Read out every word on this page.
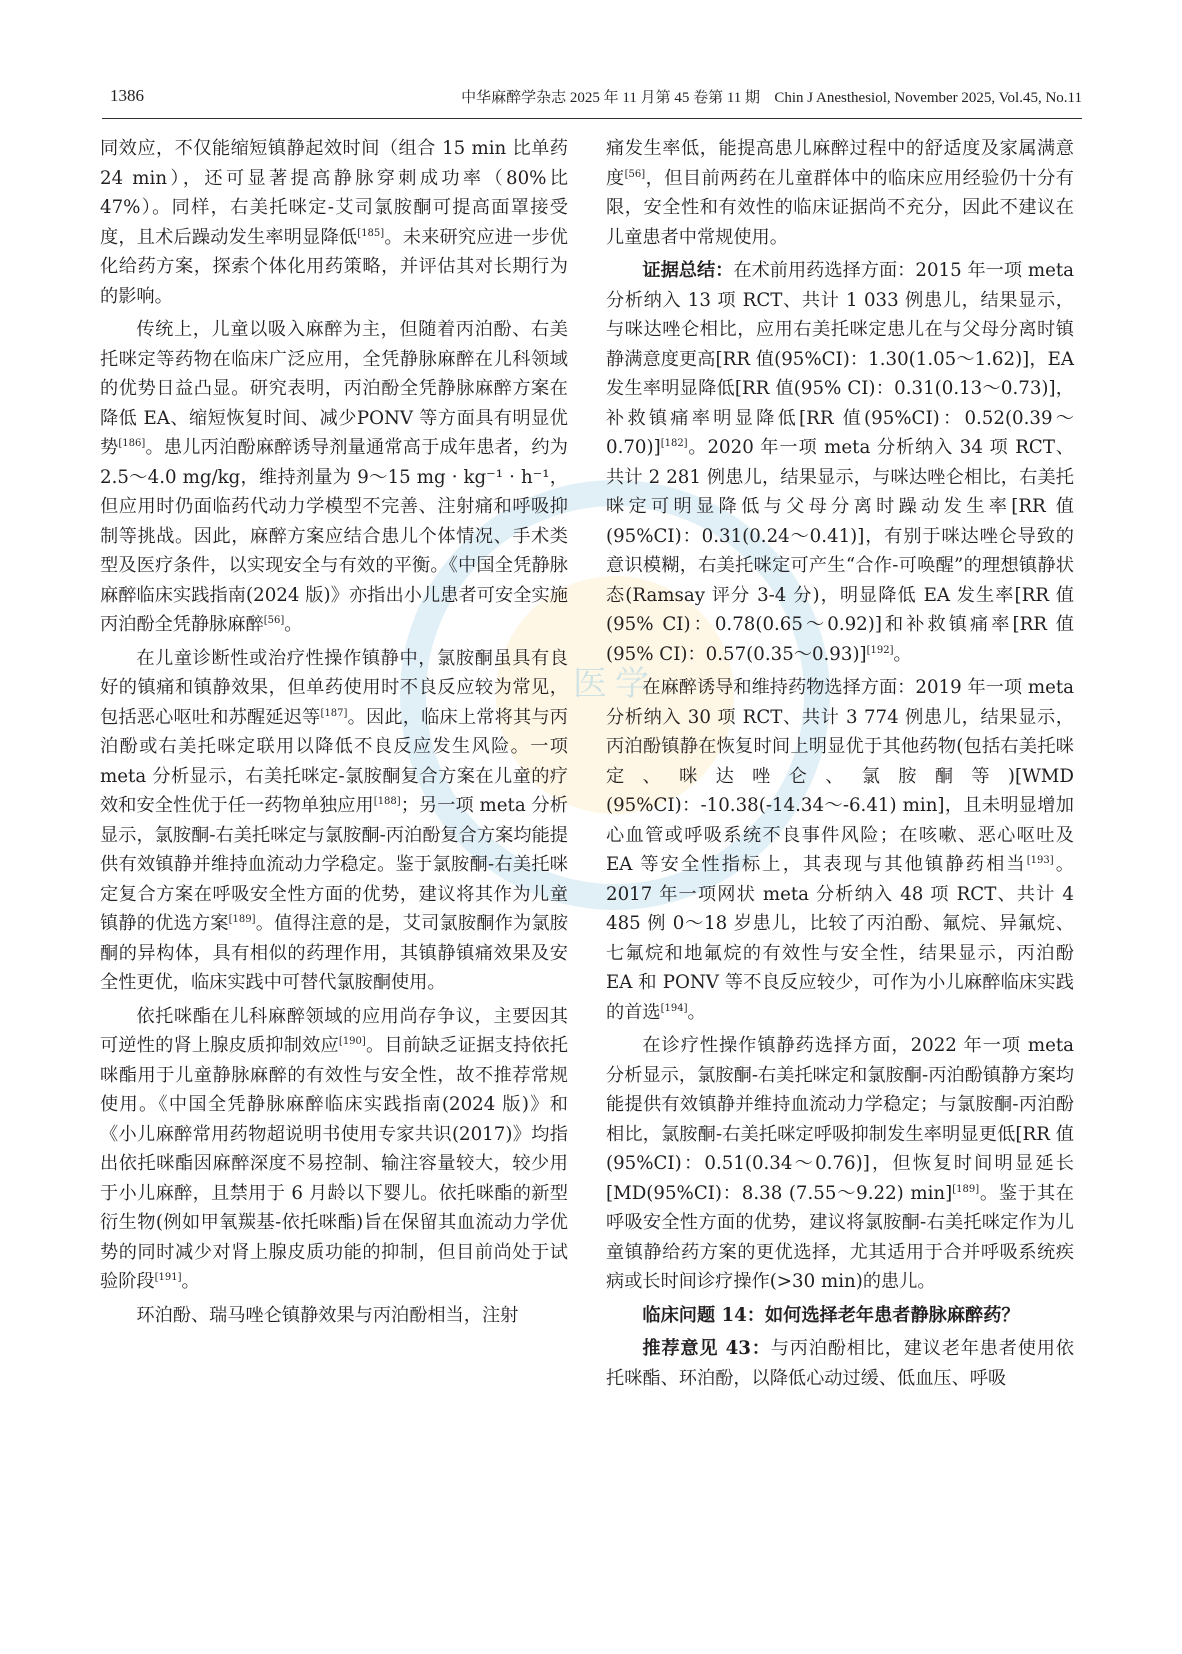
医学
1386	中华麻醉学杂志 2025 年 11 月第 45 卷第 11 期 Chin J Anesthesiol, November 2025, Vol.45, No.11

同效应，不仅能缩短镇静起效时间（组合 15 min 比单药 24 min），还可显著提高静脉穿刺成功率（80%比 47%）。同样，右美托咪定-艾司氯胺酮可提高面罩接受度，且术后躁动发生率明显降低[185]。未来研究应进一步优化给药方案，探索个体化用药策略，并评估其对长期行为的影响。

传统上，儿童以吸入麻醉为主，但随着丙泊酚、右美托咪定等药物在临床广泛应用，全凭静脉麻醉在儿科领域的优势日益凸显。研究表明，丙泊酚全凭静脉麻醉方案在降低 EA、缩短恢复时间、减少PONV 等方面具有明显优势[186]。患儿丙泊酚麻醉诱导剂量通常高于成年患者，约为 2.5～4.0 mg/kg，维持剂量为 9～15 mg · kg⁻¹ · h⁻¹，但应用时仍面临药代动力学模型不完善、注射痛和呼吸抑制等挑战。因此，麻醉方案应结合患儿个体情况、手术类型及医疗条件，以实现安全与有效的平衡。《中国全凭静脉麻醉临床实践指南(2024 版)》亦指出小儿患者可安全实施丙泊酚全凭静脉麻醉[56]。

在儿童诊断性或治疗性操作镇静中，氯胺酮虽具有良好的镇痛和镇静效果，但单药使用时不良反应较为常见，包括恶心呕吐和苏醒延迟等[187]。因此，临床上常将其与丙泊酚或右美托咪定联用以降低不良反应发生风险。一项 meta 分析显示，右美托咪定-氯胺酮复合方案在儿童的疗效和安全性优于任一药物单独应用[188]；另一项 meta 分析显示，氯胺酮-右美托咪定与氯胺酮-丙泊酚复合方案均能提供有效镇静并维持血流动力学稳定。鉴于氯胺酮-右美托咪定复合方案在呼吸安全性方面的优势，建议将其作为儿童镇静的优选方案[189]。值得注意的是，艾司氯胺酮作为氯胺酮的异构体，具有相似的药理作用，其镇静镇痛效果及安全性更优，临床实践中可替代氯胺酮使用。

依托咪酯在儿科麻醉领域的应用尚存争议，主要因其可逆性的肾上腺皮质抑制效应[190]。目前缺乏证据支持依托咪酯用于儿童静脉麻醉的有效性与安全性，故不推荐常规使用。《中国全凭静脉麻醉临床实践指南(2024 版)》和《小儿麻醉常用药物超说明书使用专家共识(2017)》均指出依托咪酯因麻醉深度不易控制、输注容量较大，较少用于小儿麻醉，且禁用于 6 月龄以下婴儿。依托咪酯的新型衍生物(例如甲氧羰基-依托咪酯)旨在保留其血流动力学优势的同时减少对肾上腺皮质功能的抑制，但目前尚处于试验阶段[191]。

环泊酚、瑞马唑仑镇静效果与丙泊酚相当，注射

痛发生率低，能提高患儿麻醉过程中的舒适度及家属满意度[56]，但目前两药在儿童群体中的临床应用经验仍十分有限，安全性和有效性的临床证据尚不充分，因此不建议在儿童患者中常规使用。

证据总结：在术前用药选择方面：2015 年一项 meta 分析纳入 13 项 RCT、共计 1 033 例患儿，结果显示，与咪达唑仑相比，应用右美托咪定患儿在与父母分离时镇静满意度更高[RR 值(95%CI)：1.30(1.05～1.62)]，EA 发生率明显降低[RR 值(95% CI)：0.31(0.13～0.73)]，补救镇痛率明显降低[RR 值(95%CI)：0.52(0.39～0.70)][182]。2020 年一项 meta 分析纳入 34 项 RCT、共计 2 281 例患儿，结果显示，与咪达唑仑相比，右美托咪定可明显降低与父母分离时躁动发生率[RR 值(95%CI)：0.31(0.24～0.41)]，有别于咪达唑仑导致的意识模糊，右美托咪定可产生“合作-可唤醒”的理想镇静状态(Ramsay 评分 3-4 分)，明显降低 EA 发生率[RR 值(95% CI)：0.78(0.65～0.92)]和补救镇痛率[RR 值(95% CI)：0.57(0.35～0.93)][192]。

在麻醉诱导和维持药物选择方面：2019 年一项 meta 分析纳入 30 项 RCT、共计 3 774 例患儿，结果显示，丙泊酚镇静在恢复时间上明显优于其他药物(包括右美托咪定、咪达唑仑、氯胺酮等)[WMD (95%CI)：-10.38(-14.34～-6.41) min]，且未明显增加心血管或呼吸系统不良事件风险；在咳嗽、恶心呕吐及 EA 等安全性指标上，其表现与其他镇静药相当[193]。2017 年一项网状 meta 分析纳入 48 项 RCT、共计 4 485 例 0～18 岁患儿，比较了丙泊酚、氟烷、异氟烷、七氟烷和地氟烷的有效性与安全性，结果显示，丙泊酚 EA 和 PONV 等不良反应较少，可作为小儿麻醉临床实践的首选[194]。

在诊疗性操作镇静药选择方面，2022 年一项 meta 分析显示，氯胺酮-右美托咪定和氯胺酮-丙泊酚镇静方案均能提供有效镇静并维持血流动力学稳定；与氯胺酮-丙泊酚相比，氯胺酮-右美托咪定呼吸抑制发生率明显更低[RR 值(95%CI)：0.51(0.34～0.76)]，但恢复时间明显延长[MD(95%CI)：8.38 (7.55～9.22) min][189]。鉴于其在呼吸安全性方面的优势，建议将氯胺酮-右美托咪定作为儿童镇静给药方案的更优选择，尤其适用于合并呼吸系统疾病或长时间诊疗操作(>30 min)的患儿。

临床问题 14：如何选择老年患者静脉麻醉药？

推荐意见 43：与丙泊酚相比，建议老年患者使用依托咪酯、环泊酚，以降低心动过缓、低血压、呼吸
